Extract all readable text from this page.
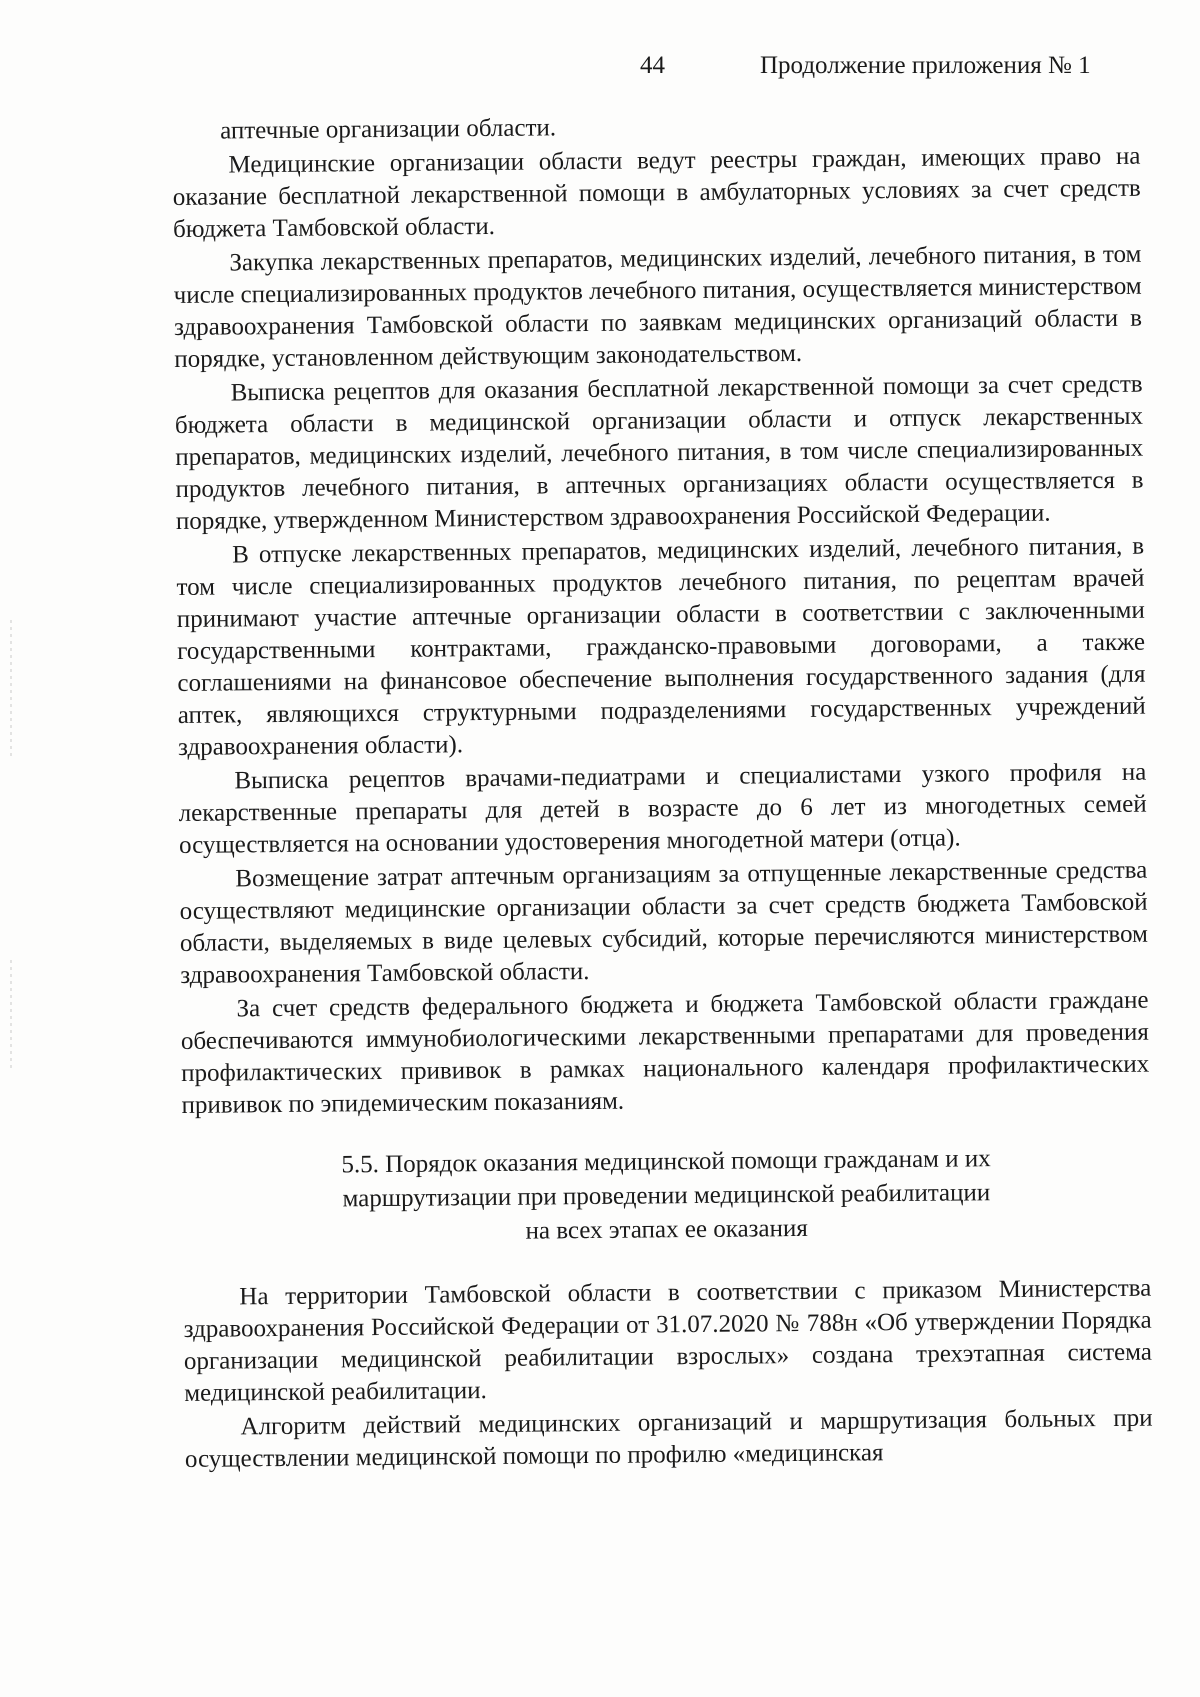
44	Продолжение приложения № 1

аптечные организации области.

Медицинские организации области ведут реестры граждан, имеющих право на оказание бесплатной лекарственной помощи в амбулаторных условиях за счет средств бюджета Тамбовской области.

Закупка лекарственных препаратов, медицинских изделий, лечебного питания, в том числе специализированных продуктов лечебного питания, осуществляется министерством здравоохранения Тамбовской области по заявкам медицинских организаций области в порядке, установленном действующим законодательством.

Выписка рецептов для оказания бесплатной лекарственной помощи за счет средств бюджета области в медицинской организации области и отпуск лекарственных препаратов, медицинских изделий, лечебного питания, в том числе специализированных продуктов лечебного питания, в аптечных организациях области осуществляется в порядке, утвержденном Министерством здравоохранения Российской Федерации.

В отпуске лекарственных препаратов, медицинских изделий, лечебного питания, в том числе специализированных продуктов лечебного питания, по рецептам врачей принимают участие аптечные организации области в соответствии с заключенными государственными контрактами, гражданско-правовыми договорами, а также соглашениями на финансовое обеспечение выполнения государственного задания (для аптек, являющихся структурными подразделениями государственных учреждений здравоохранения области).

Выписка рецептов врачами-педиатрами и специалистами узкого профиля на лекарственные препараты для детей в возрасте до 6 лет из многодетных семей осуществляется на основании удостоверения многодетной матери (отца).

Возмещение затрат аптечным организациям за отпущенные лекарственные средства осуществляют медицинские организации области за счет средств бюджета Тамбовской области, выделяемых в виде целевых субсидий, которые перечисляются министерством здравоохранения Тамбовской области.

За счет средств федерального бюджета и бюджета Тамбовской области граждане обеспечиваются иммунобиологическими лекарственными препаратами для проведения профилактических прививок в рамках национального календаря профилактических прививок по эпидемическим показаниям.

5.5. Порядок оказания медицинской помощи гражданам и их
маршрутизации при проведении медицинской реабилитации
на всех этапах ее оказания

На территории Тамбовской области в соответствии с приказом Министерства здравоохранения Российской Федерации от 31.07.2020 № 788н «Об утверждении Порядка организации медицинской реабилитации взрослых» создана трехэтапная система медицинской реабилитации.

Алгоритм действий медицинских организаций и маршрутизация больных при осуществлении медицинской помощи по профилю «медицинская
